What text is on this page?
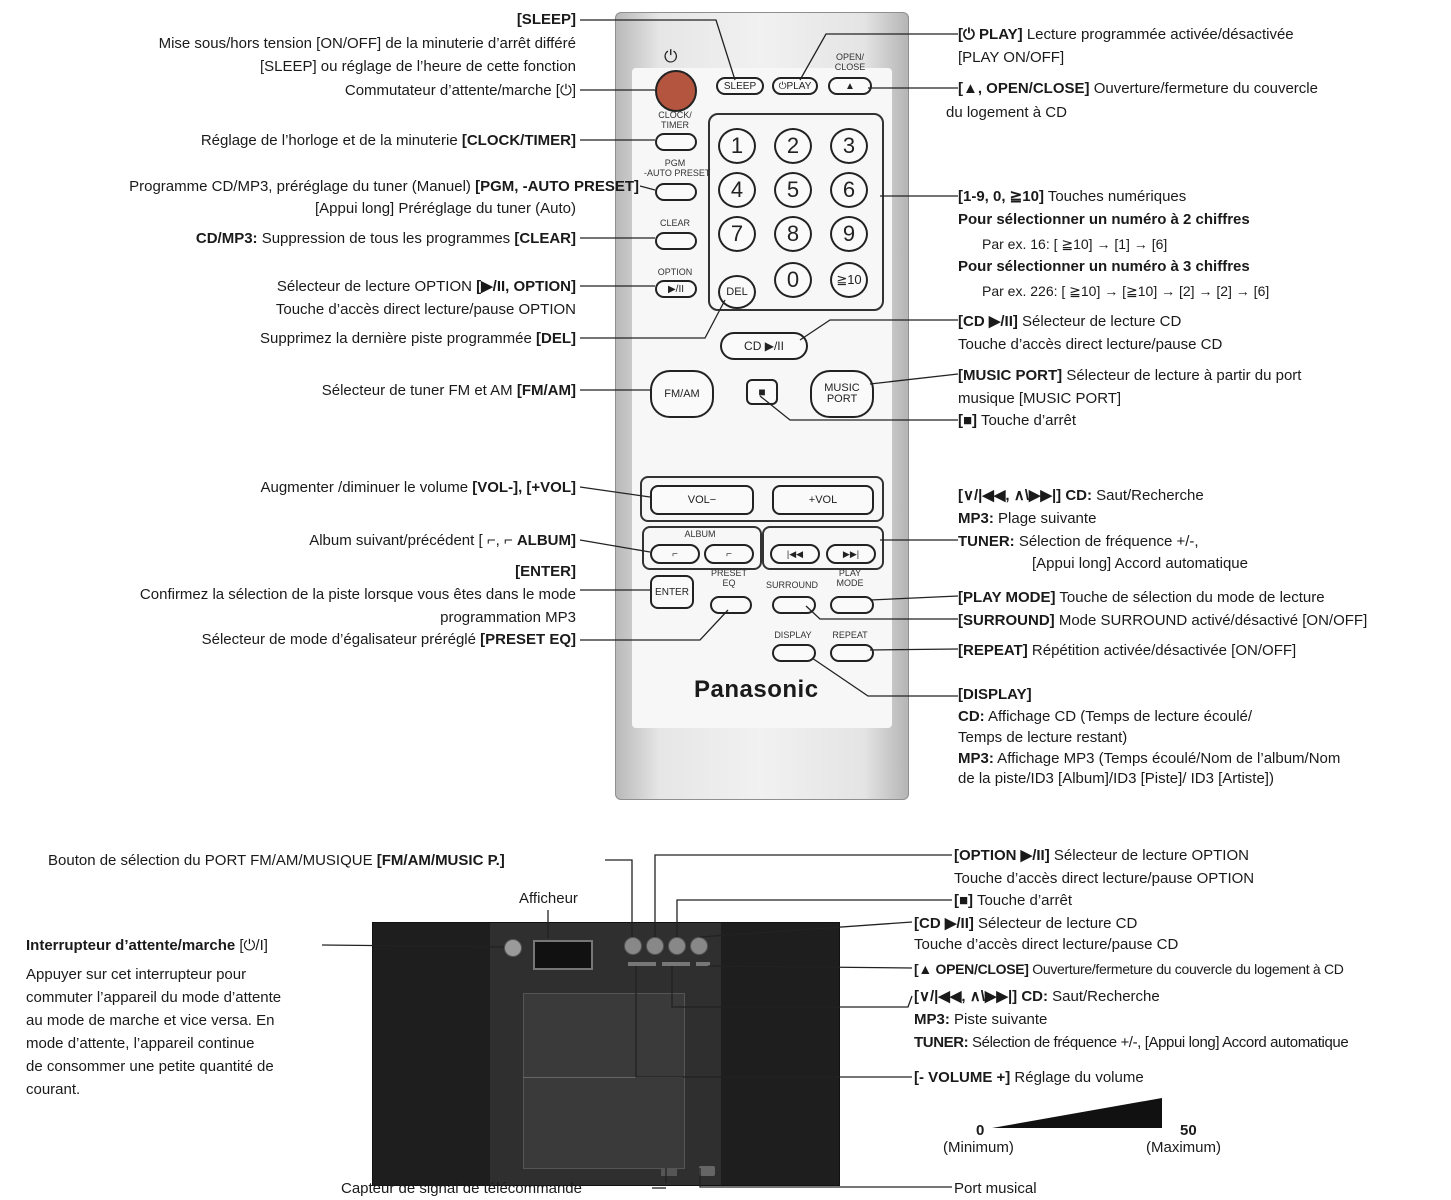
⏻
SLEEP	⏻PLAY
OPEN/
CLOSE
▲
CLOCK/
TIMER
PGM
-AUTO PRESET
CLEAR
OPTION
▶/II
1	2	3
4	5	6
7	8	9
0	≧10
DEL
CD ▶/II
FM/AM	■	MUSIC
PORT
VOL−	+VOL
ALBUM
⌐	⌐	|◀◀	▶▶|
ENTER
PRESET
EQ	SURROUND
PLAY
MODE
DISPLAY	REPEAT
Panasonic
[SLEEP]
Mise sous/hors tension [ON/OFF] de la minuterie d’arrêt différé
[SLEEP] ou réglage de l’heure de cette fonction
Commutateur d’attente/marche [⏻]
Réglage de l’horloge et de la minuterie [CLOCK/TIMER]
Programme CD/MP3, préréglage du tuner (Manuel) [PGM, -AUTO PRESET]
[Appui long] Préréglage du tuner (Auto)
CD/MP3: Suppression de tous les programmes [CLEAR]
Sélecteur de lecture OPTION [▶/II, OPTION]
Touche d’accès direct lecture/pause OPTION
Supprimez la dernière piste programmée [DEL]
Sélecteur de tuner FM et AM [FM/AM]
Augmenter /diminuer le volume [VOL-], [+VOL]
Album suivant/précédent [ ⌐, ⌐ ALBUM]
[ENTER]
Confirmez la sélection de la piste lorsque vous êtes dans le mode
programmation MP3
Sélecteur de mode d’égalisateur préréglé [PRESET EQ]
[⏻ PLAY] Lecture programmée activée/désactivée
[PLAY ON/OFF]
[▲, OPEN/CLOSE] Ouverture/fermeture du couvercle
du logement à CD
[1-9, 0, ≧10] Touches numériques
Pour sélectionner un numéro à 2 chiffres
Par ex. 16: [ ≧10] → [1] → [6]
Pour sélectionner un numéro à 3 chiffres
Par ex. 226: [ ≧10] → [≧10] → [2] → [2] → [6]
[CD ▶/II] Sélecteur de lecture CD
Touche d’accès direct lecture/pause CD
[MUSIC PORT] Sélecteur de lecture à partir du port
musique [MUSIC PORT]
[■] Touche d’arrêt
[∨/|◀◀, ∧\▶▶|] CD: Saut/Recherche
MP3: Plage suivante
TUNER: Sélection de fréquence +/-,
[Appui long] Accord automatique
[PLAY MODE] Touche de sélection du mode de lecture
[SURROUND] Mode SURROUND activé/désactivé [ON/OFF]
[REPEAT] Répétition activée/désactivée [ON/OFF]
[DISPLAY]
CD: Affichage CD (Temps de lecture écoulé/
Temps de lecture restant)
MP3: Affichage MP3 (Temps écoulé/Nom de l’album/Nom
de la piste/ID3 [Album]/ID3 [Piste]/ ID3 [Artiste])
Bouton de sélection du PORT FM/AM/MUSIQUE [FM/AM/MUSIC P.]
Afficheur
Interrupteur d’attente/marche [⏻/I]
Appuyer sur cet interrupteur pour
commuter l’appareil du mode d’attente
au mode de marche et vice versa. En
mode d’attente, l’appareil continue
de consommer une petite quantité de
courant.
[OPTION ▶/II] Sélecteur de lecture OPTION
Touche d’accès direct lecture/pause OPTION
[■] Touche d’arrêt
[CD ▶/II] Sélecteur de lecture CD
Touche d’accès direct lecture/pause CD
[▲ OPEN/CLOSE] Ouverture/fermeture du couvercle du logement à CD
[∨/|◀◀, ∧\▶▶|] CD: Saut/Recherche
MP3: Piste suivante
TUNER: Sélection de fréquence +/-, [Appui long] Accord automatique
[- VOLUME +] Réglage du volume
0
(Minimum)
50
(Maximum)
Capteur de signal de télécommande	Port musical
